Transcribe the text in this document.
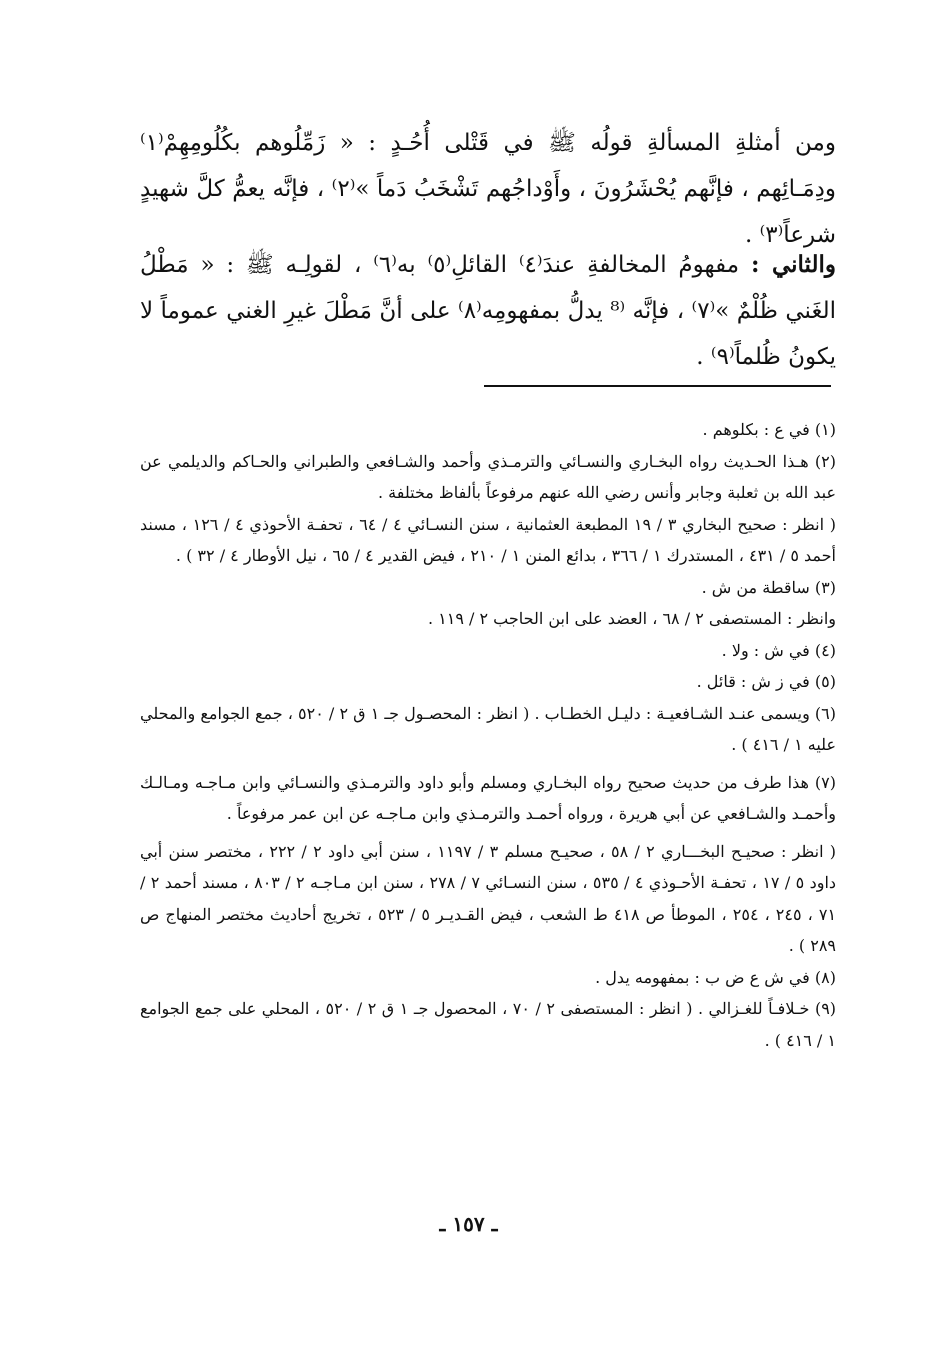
ومن أمثلةِ المسألةِ قولُه ﷺ في قَتْلى أُحُـدٍ : « زَمِّلُوهم بكُلُومِهِمْ⁽١⁾ ودِمَـائِهم ، فإنَّهم يُحْشَرُونَ ، وأَوْداجُهم تَشْخَبُ دَماً »⁽٢⁾ ، فإنَّه يعمُّ كلَّ شهيدٍ شرعاً⁽٣⁾ .

والثاني : مفهومُ المخالفةِ عندَ⁽٤⁾ القائلِ⁽٥⁾ به⁽٦⁾ ، لقولِـه ﷺ : « مَطْلُ الغَني ظُلْمٌ »⁽٧⁾ ، فإنَّه ⁽⁸ يدلُّ بمفهومِه⁽٨⁾ على أنَّ مَطْلَ غيرِ الغني عموماً لا يكونُ ظُلماً⁽٩⁾ .

(١) في ع : بكلوهم .

(٢) هـذا الحـديث رواه البخـاري والنسـائي والترمـذي وأحمد والشـافعي والطبراني والحـاكم والديلمي عن عبد الله بن ثعلبة وجابر وأنس رضي الله عنهم مرفوعاً بألفاظ مختلفة .

( انظر : صحيح البخاري ٣ / ١٩ المطبعة العثمانية ، سنن النسـائي ٤ / ٦٤ ، تحفـة الأحوذي ٤ / ١٢٦ ، مسند أحمد ٥ / ٤٣١ ، المستدرك ١ / ٣٦٦ ، بدائع المنن ١ / ٢١٠ ، فيض القدير ٤ / ٦٥ ، نيل الأوطار ٤ / ٣٢ ) .

(٣) ساقطة من ش .

وانظر : المستصفى ٢ / ٦٨ ، العضد على ابن الحاجب ٢ / ١١٩ .

(٤) في ش : ولا .

(٥) في ز ش : قائل .

(٦) ويسمى عنـد الشـافعيـة : دليـل الخطـاب . ( انظر : المحصـول جـ ١ ق ٢ / ٥٢٠ ، جمع الجوامع والمحلي عليه ١ / ٤١٦ ) .

(٧) هذا طرف من حديث صحيح رواه البخـاري ومسلم وأبو داود والترمـذي والنسـائي وابن مـاجـه ومـالـك وأحمـد والشـافعي عن أبي هريرة ، ورواه أحمـد والترمـذي وابن مـاجـه عن ابن عمر مرفوعاً .

( انظر : صحيـح البخـــاري ٢ / ٥٨ ، صحيـح مسلم ٣ / ١١٩٧ ، سنن أبي داود ٢ / ٢٢٢ ، مختصر سنن أبي داود ٥ / ١٧ ، تحفـة الأحـوذي ٤ / ٥٣٥ ، سنن النسـائي ٧ / ٢٧٨ ، سنن ابن مـاجـه ٢ / ٨٠٣ ، مسند أحمد ٢ / ٧١ ، ٢٤٥ ، ٢٥٤ ، الموطأ ص ٤١٨ ط الشعب ، فيض القـديـر ٥ / ٥٢٣ ، تخريج أحاديث مختصر المنهاج ص ٢٨٩ ) .

(٨) في ش ع ض ب : بمفهومه يدل .

(٩) خـلافـاً للغـزالي . ( انظر : المستصفى ٢ / ٧٠ ، المحصول جـ ١ ق ٢ / ٥٢٠ ، المحلي على جمع الجوامع ١ / ٤١٦ ) .

ـ ١٥٧ ـ
